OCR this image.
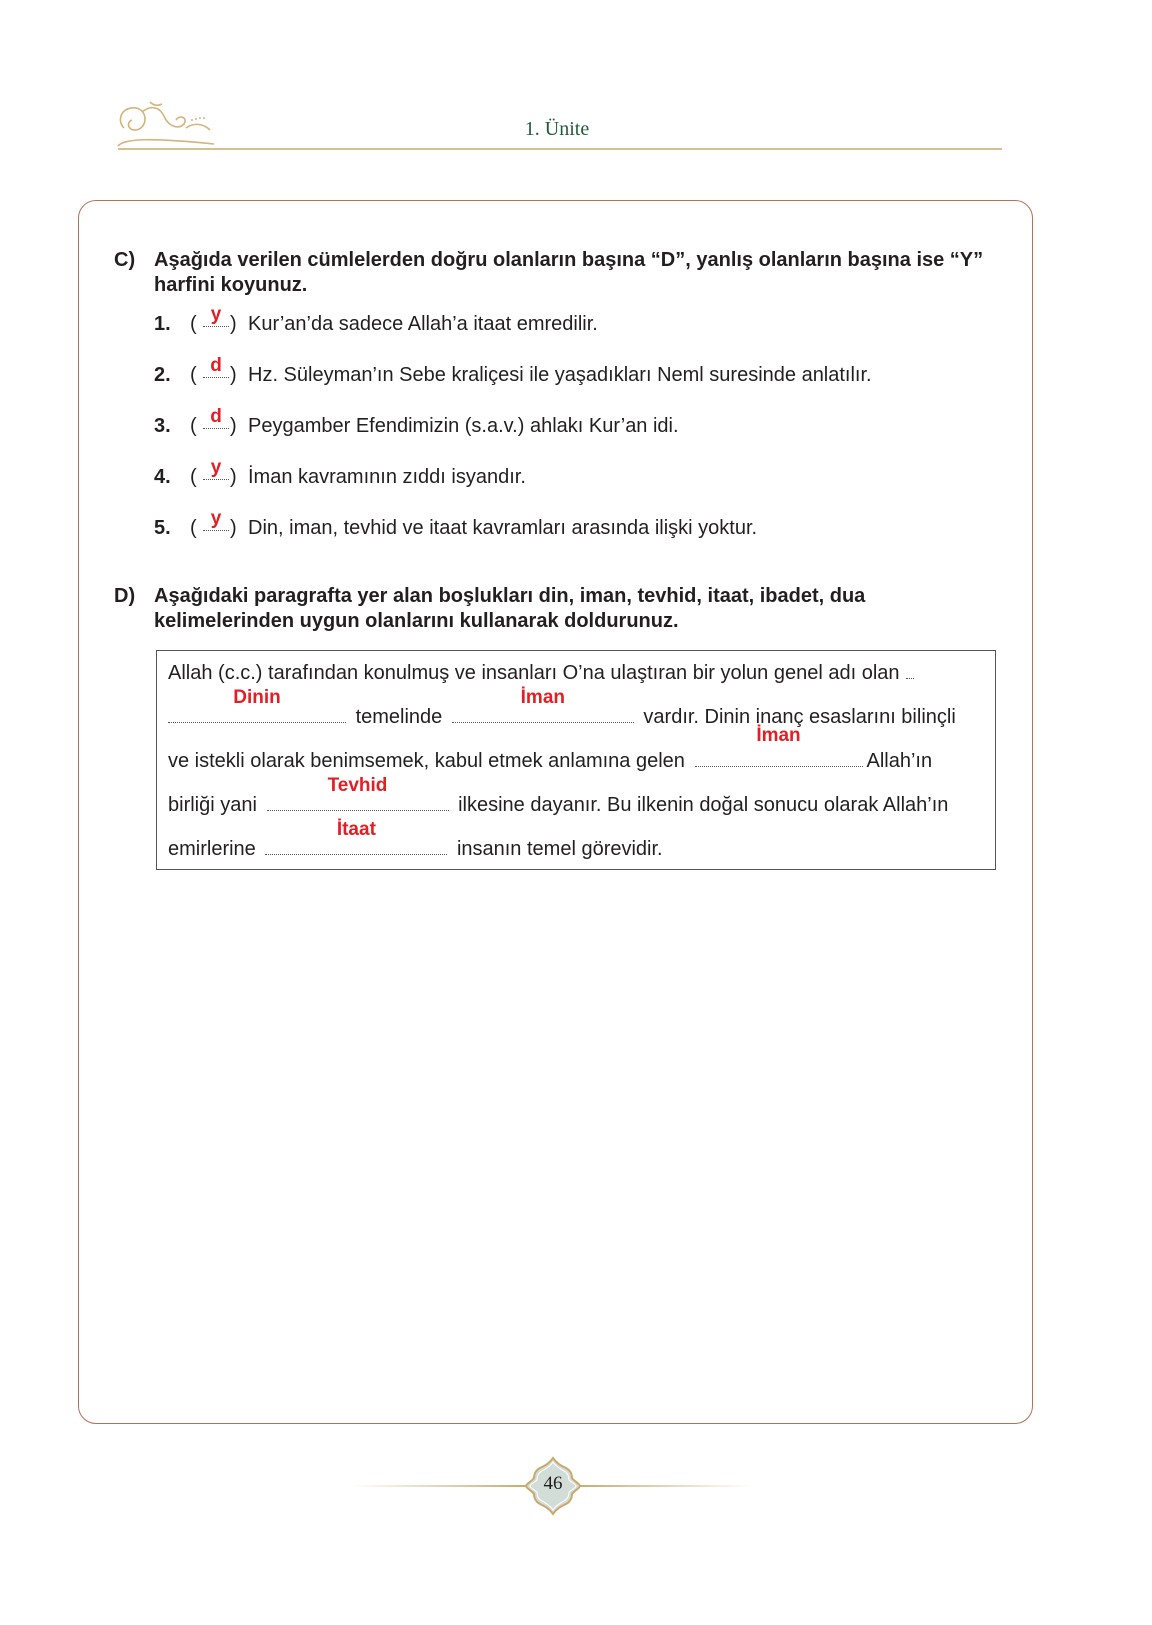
1. Ünite
C) Aşağıda verilen cümlelerden doğru olanların başına “D”, yanlış olanların başına ise “Y” harfini koyunuz.
1. ( y ) Kur’an’da sadece Allah’a itaat emredilir.
2. ( d ) Hz. Süleyman’ın Sebe kraliçesi ile yaşadıkları Neml suresinde anlatılır.
3. ( d ) Peygamber Efendimizin (s.a.v.) ahlakı Kur’an idi.
4. ( y ) İman kavramının zıddı isyandır.
5. ( y ) Din, iman, tevhid ve itaat kavramları arasında ilişki yoktur.
D) Aşağıdaki paragrafta yer alan boşlukları din, iman, tevhid, itaat, ibadet, dua kelimelerinden uygun olanlarını kullanarak doldurunuz.
Allah (c.c.) tarafından konulmuş ve insanları O’na ulaştıran bir yolun genel adı olan
Dinin
temelinde
İman
vardır. Dinin inanç esaslarını bilinçli
ve istekli olarak benimsemek, kabul etmek anlamına gelen
İman
Allah’ın
birliği yani
Tevhid
ilkesine dayanır. Bu ilkenin doğal sonucu olarak Allah’ın
emirlerine
İtaat
insanın temel görevidir.
46
